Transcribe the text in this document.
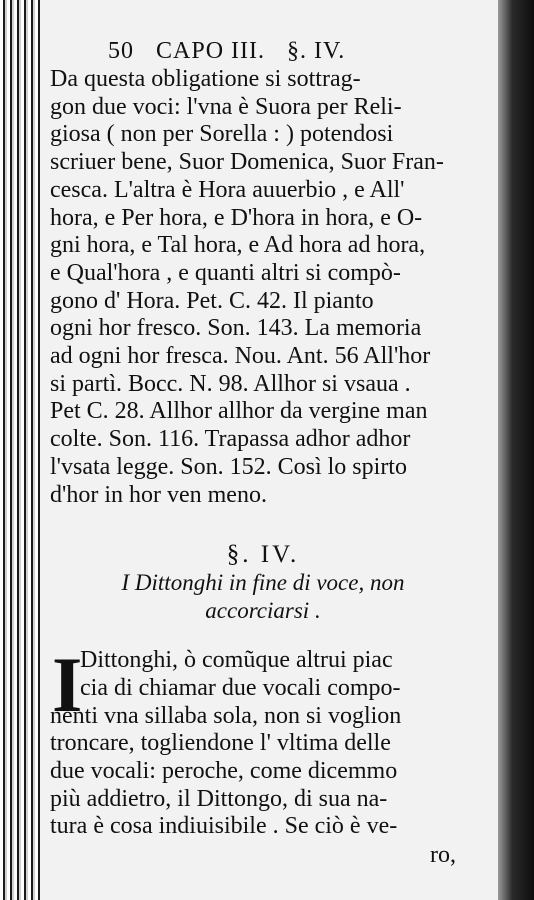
50 CAPO III. §. IV.
Da questa obligatione si sottrag-
gon due voci: l'vna è Suora per Reli-
giosa ( non per Sorella : ) potendosi
scriuer bene, Suor Domenica, Suor Fran-
cesca. L'altra è Hora auuerbio , e All'
hora, e Per hora, e D'hora in hora, e O-
gni hora, e Tal hora, e Ad hora ad hora,
e Qual'hora , e quanti altri si compò-
gono d' Hora. Pet. C. 42. Il pianto
ogni hor fresco. Son. 143. La memoria
ad ogni hor fresca. Nou. Ant. 56 All'hor
si partì. Bocc. N. 98. Allhor si vsaua .
Pet C. 28. Allhor allhor da vergine man
colte. Son. 116. Trapassa adhor adhor
l'vsata legge. Son. 152. Così lo spirto
d'hor in hor ven meno.
§. IV.
I Dittonghi in fine di voce, non
accorciarsi .
I
Dittonghi, ò comũque altrui piac
cia di chiamar due vocali compo-
nenti vna sillaba sola, non si voglion
troncare, togliendone l' vltima delle
due vocali: peroche, come dicemmo
più addietro, il Dittongo, di sua na-
tura è cosa indiuisibile . Se ciò è ve-
ro,
